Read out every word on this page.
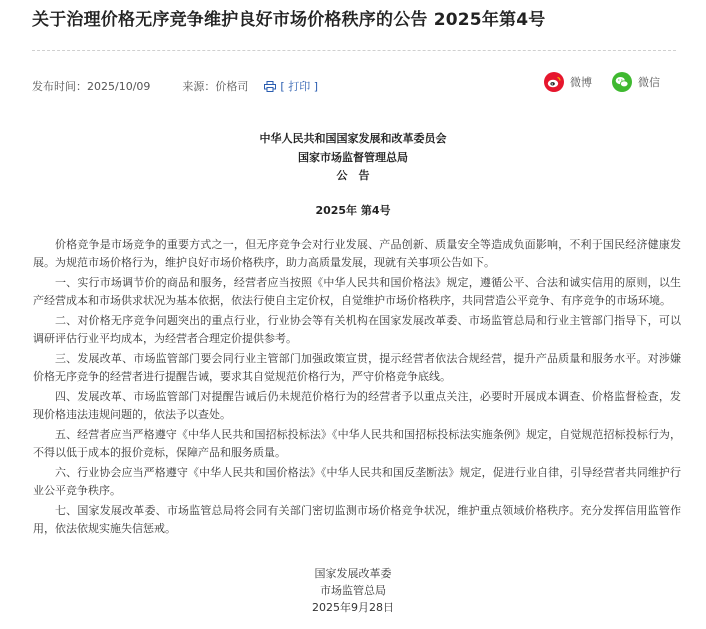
关于治理价格无序竞争维护良好市场价格秩序的公告 2025年第4号
发布时间：2025/10/09	来源：价格司	[ 打印 ]	微博	微信
中华人民共和国国家发展和改革委员会
国家市场监督管理总局
公　告
2025年 第4号

价格竞争是市场竞争的重要方式之一，但无序竞争会对行业发展、产品创新、质量安全等造成负面影响，不利于国民经济健康发展。为规范市场价格行为，维护良好市场价格秩序，助力高质量发展，现就有关事项公告如下。

一、实行市场调节价的商品和服务，经营者应当按照《中华人民共和国价格法》规定，遵循公平、合法和诚实信用的原则，以生产经营成本和市场供求状况为基本依据，依法行使自主定价权，自觉维护市场价格秩序，共同营造公平竞争、有序竞争的市场环境。

二、对价格无序竞争问题突出的重点行业，行业协会等有关机构在国家发展改革委、市场监管总局和行业主管部门指导下，可以调研评估行业平均成本，为经营者合理定价提供参考。

三、发展改革、市场监管部门要会同行业主管部门加强政策宣贯，提示经营者依法合规经营，提升产品质量和服务水平。对涉嫌价格无序竞争的经营者进行提醒告诫，要求其自觉规范价格行为，严守价格竞争底线。

四、发展改革、市场监管部门对提醒告诫后仍未规范价格行为的经营者予以重点关注，必要时开展成本调查、价格监督检查，发现价格违法违规问题的，依法予以查处。

五、经营者应当严格遵守《中华人民共和国招标投标法》《中华人民共和国招标投标法实施条例》规定，自觉规范招标投标行为，不得以低于成本的报价竞标，保障产品和服务质量。

六、行业协会应当严格遵守《中华人民共和国价格法》《中华人民共和国反垄断法》规定，促进行业自律，引导经营者共同维护行业公平竞争秩序。

七、国家发展改革委、市场监管总局将会同有关部门密切监测市场价格竞争状况，维护重点领域价格秩序。充分发挥信用监管作用，依法依规实施失信惩戒。

国家发展改革委
市场监管总局
2025年9月28日
